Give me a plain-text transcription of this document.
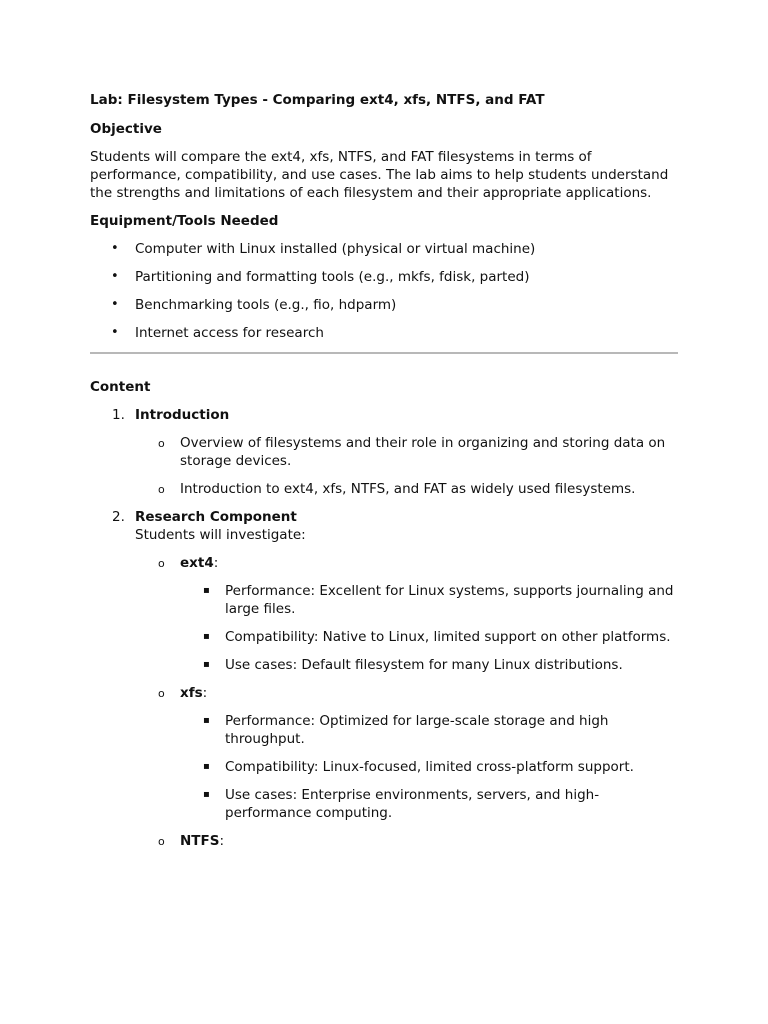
Lab: Filesystem Types - Comparing ext4, xfs, NTFS, and FAT
Objective

Students will compare the ext4, xfs, NTFS, and FAT filesystems in terms of performance, compatibility, and use cases. The lab aims to help students understand the strengths and limitations of each filesystem and their appropriate applications.

Equipment/Tools Needed
• Computer with Linux installed (physical or virtual machine)
• Partitioning and formatting tools (e.g., mkfs, fdisk, parted)
• Benchmarking tools (e.g., fio, hdparm)
• Internet access for research
Content
1. Introduction
o Overview of filesystems and their role in organizing and storing data on storage devices.
o Introduction to ext4, xfs, NTFS, and FAT as widely used filesystems.
2. Research Component
Students will investigate:
o ext4:
▪ Performance: Excellent for Linux systems, supports journaling and large files.
▪ Compatibility: Native to Linux, limited support on other platforms.
▪ Use cases: Default filesystem for many Linux distributions.
o xfs:
▪ Performance: Optimized for large-scale storage and high throughput.
▪ Compatibility: Linux-focused, limited cross-platform support.
▪ Use cases: Enterprise environments, servers, and high-performance computing.
o NTFS:
